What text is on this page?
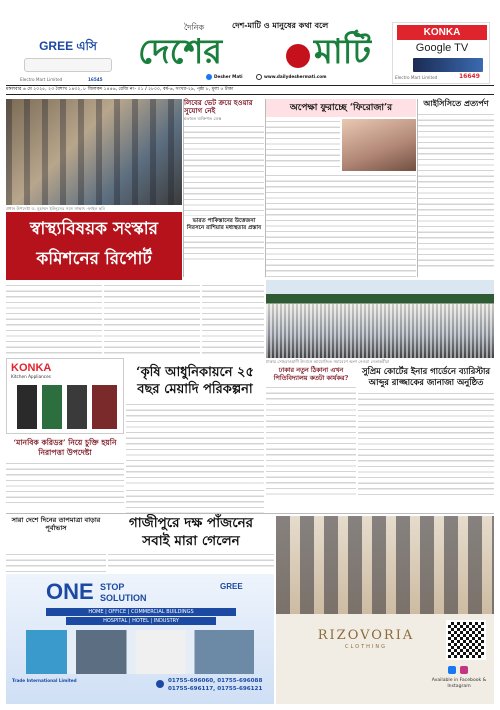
GREE এসি
Electro Mart Limited	16545
দৈনিক	দেশ-মাটি ও মানুষের কথা বলে
দেশের	মাটি	KONKA
Google TV
Electro Mart Limited	16649
Desher Mati	www.dailydeshermati.com
মঙ্গলবার ৬ মে ২০২৫, ২৩ বৈশাখ ১৪৩২, ৮ জিলকদ ১৪৪৬, রেজি নং- ০১ / ২৮০০, বর্ষ-৬, সংখ্যা-২৯, পৃষ্ঠা ৮, মূল্য ৫ টাকা
প্রধান উপদেষ্টা ড. মুহাম্মদ ইউনূসের সঙ্গে সাক্ষাৎ -ফাইল ছবি
লিবের ভেট ক্রয়ে হওয়ার সুযোগ নেই
মতামত ব্যক্তিগত ডেস্ক
অপেক্ষা ফুরাচ্ছে ‘ফিরোজা’র	আইসিসিতে প্রত্যর্পণ
ভারত পাকিস্তানের উত্তেজনা নিরসনে রাশিয়ার মধ্যস্থতার প্রস্তাব
স্বাস্থ্যবিষয়ক সংস্কার
কমিশনের রিপোর্ট
ঢাকার সোহরাওয়ার্দী উদ্যানে আয়োজিত সমাবেশে অংশ নেওয়া নেতাকর্মীরা
KONKA
Kitchen Appliances	‘কৃষি আধুনিকায়নে ২৫
বছর মেয়াদি পরিকল্পনা
ঢাকার নতুন ঠিকানা এখন পিতিবিদ্যালয় কতটা কার্যকর?
সুপ্রিম কোর্টের ইনার গার্ডেনে ব্যারিস্টার আব্দুর রাজ্জাকের জানাজা অনুষ্ঠিত
‘মানবিক করিডর’ নিয়ে চুক্তি হয়নি নিরাপত্তা উপদেষ্টা
সারা দেশে দিনের তাপমাত্রা বাড়ার পূর্বাভাস	গাজীপুরে দক্ষ পাঁজনের
সবাই মারা গেলেন
ONE STOP SOLUTION
GREE
HOME | OFFICE | COMMERCIAL BUILDINGS
HOSPITAL | HOTEL | INDUSTRY
Trade International Limited	01755-696060, 01755-696088
01755-696117, 01755-696121
RIZOVORIA
CLOTHING
Available in Facebook & Instagram
